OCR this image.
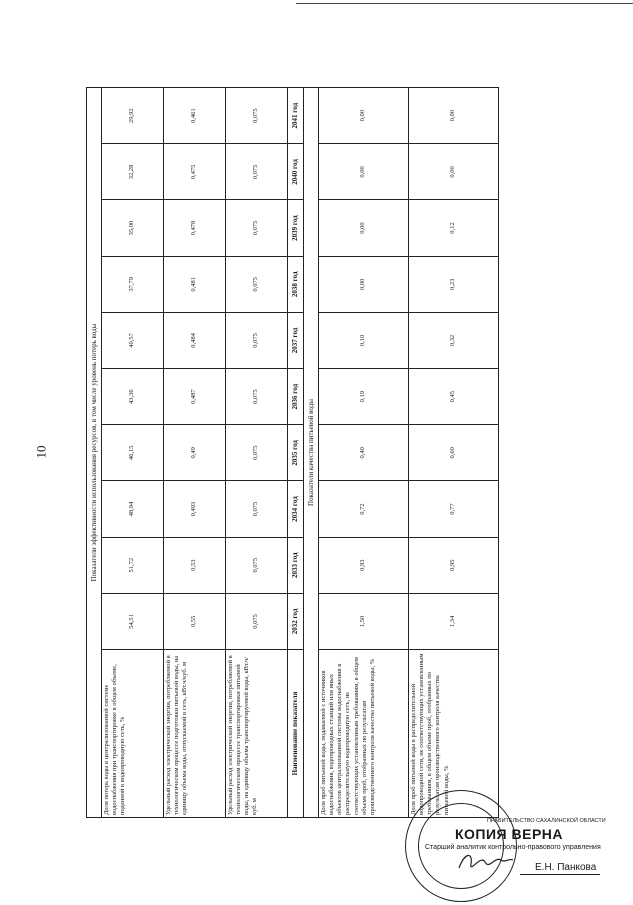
10	Показатели эффективности использования ресурсов, в том числе уровень потерь воды										
Доля потерь воды в централизованной системе водоснабжения при транспортировке в общем объеме, поданной в водопроводную сеть, %	54,51	51,72	48,94	46,15	43,36	40,57	37,79	35,00	32,28	29,92
Удельный расход электрической энергии, потребляемой в технологическом процессе подготовки питьевой воды, на единицу объема воды, отпускаемой в сеть, кВт.ч/куб. м	0,55	0,53	0,493	0,49	0,487	0,484	0,481	0,478	0,475	0,461
Удельный расход электрической энергии, потребляемой в технологическом процессе транспортировки питьевой воды, на единицу объема транспортируемой воды, кВт.ч/куб. м	0,075	0,075	0,075	0,075	0,075	0,075	0,075	0,075	0,075	0,075
Наименование показателя	2032 год	2033 год	2034 год	2035 год	2036 год	2037 год	2038 год	2039 год	2040 год	2041 год
Показатели качества питьевой воды										
Доля проб питьевой воды, подаваемой с источников водоснабжения, водопроводных станций или иных объектов централизованной системы водоснабжения в распределительную водопроводную сеть, не соответствующих установленным требованиям, в общем объеме проб, отобранных по результатам производственного контроля качества питьевой воды, %	1,50	0,93	0,72	0,40	0,19	0,10	0,00	0,00	0,00	0,00
Доля проб питьевой воды в распределительной водопроводной сети, не соответствующих установленным требованиям, в общем объеме проб, отобранных по результатам производственного контроля качества питьевой воды, %	1,34	0,95	0,77	0,60	0,45	0,32	0,23	0,12	0,00	0,00
ПРАВИТЕЛЬСТВО САХАЛИНСКОЙ ОБЛАСТИ
КОПИЯ ВЕРНА
Старший аналитик контрольно-правового управления
Е.Н. Панкова
